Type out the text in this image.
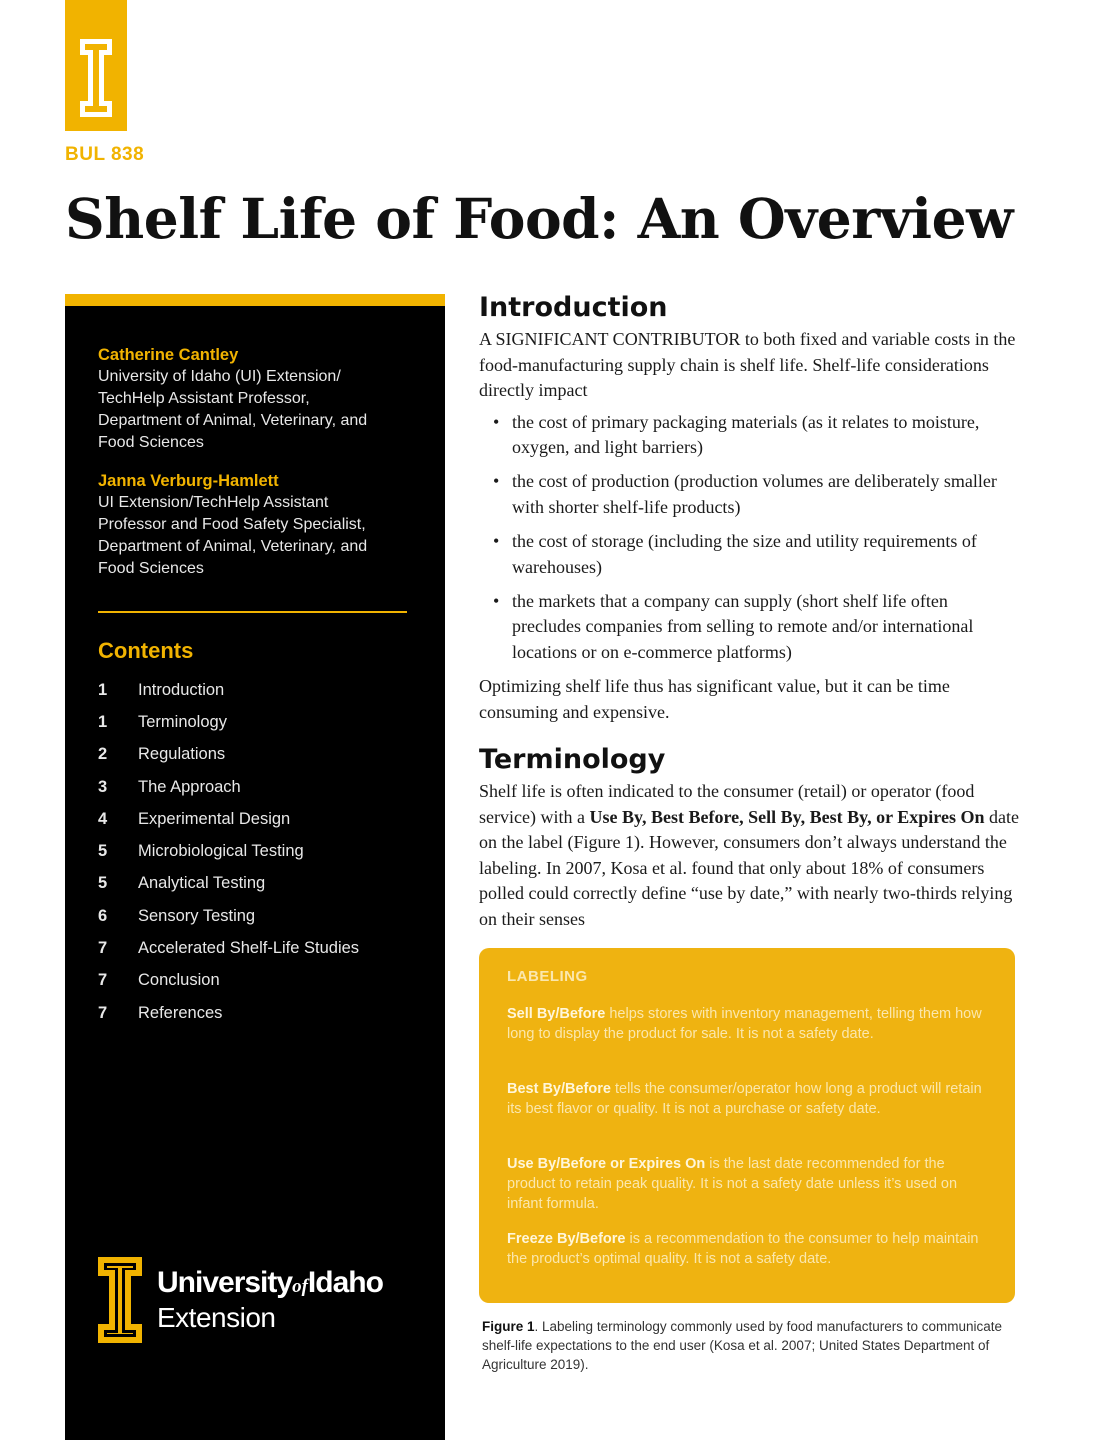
BUL 838
Shelf Life of Food: An Overview
Catherine Cantley
University of Idaho (UI) Extension/
TechHelp Assistant Professor,
Department of Animal, Veterinary, and
Food Sciences
Janna Verburg-Hamlett
UI Extension/TechHelp Assistant
Professor and Food Safety Specialist,
Department of Animal, Veterinary, and
Food Sciences
Contents
1	Introduction
1	Terminology
2	Regulations
3	The Approach
4	Experimental Design
5	Microbiological Testing
5	Analytical Testing
6	Sensory Testing
7	Accelerated Shelf-Life Studies
7	Conclusion
7	References
UniversityofIdaho
Extension
Introduction

A SIGNIFICANT CONTRIBUTOR to both fixed and variable costs in the food-manufacturing supply chain is shelf life. Shelf-life considerations directly impact

• the cost of primary packaging materials (as it relates to moisture, oxygen, and light barriers)
• the cost of production (production volumes are deliberately smaller with shorter shelf-life products)
• the cost of storage (including the size and utility requirements of warehouses)
• the markets that a company can supply (short shelf life often precludes companies from selling to remote and/or international locations or on e-commerce platforms)

Optimizing shelf life thus has significant value, but it can be time consuming and expensive.

Terminology

Shelf life is often indicated to the consumer (retail) or operator (food service) with a Use By, Best Before, Sell By, Best By, or Expires On date on the label (Figure 1). However, consumers don’t always understand the labeling. In 2007, Kosa et al. found that only about 18% of consumers polled could correctly define “use by date,” with nearly two-thirds relying on their senses

LABELING
Sell By/Before helps stores with inventory management, telling them how long to display the product for sale. It is not a safety date.
Best By/Before tells the consumer/operator how long a product will retain its best flavor or quality. It is not a purchase or safety date.
Use By/Before or Expires On is the last date recommended for the product to retain peak quality. It is not a safety date unless it’s used on infant formula.
Freeze By/Before is a recommendation to the consumer to help maintain the product’s optimal quality. It is not a safety date.
Figure 1. Labeling terminology commonly used by food manufacturers to communicate shelf-life expectations to the end user (Kosa et al. 2007; United States Department of Agriculture 2019).
